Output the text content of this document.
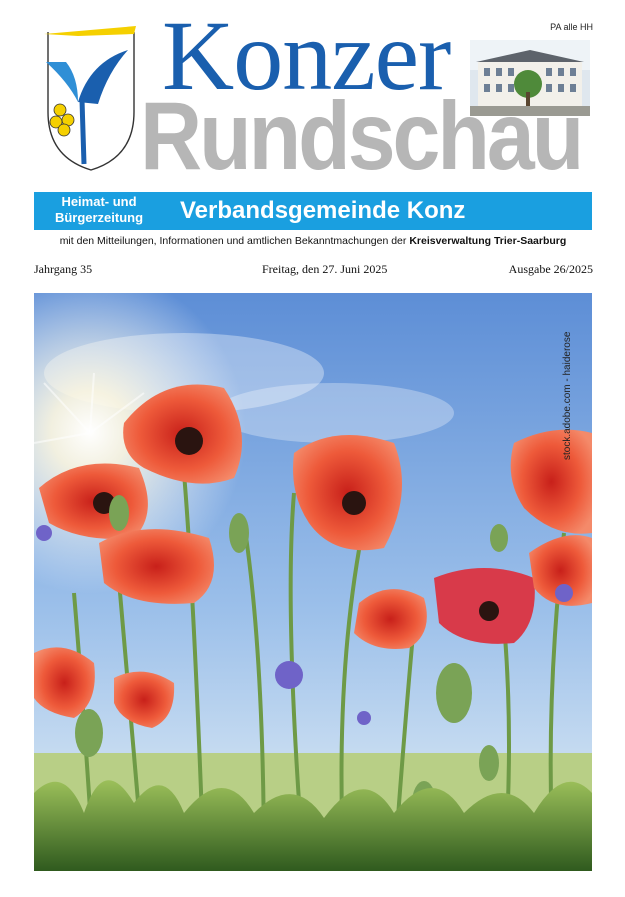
Rundschau
Konzer	PA alle HH
Heimat- und
Bürgerzeitung	Verbandsgemeinde Konz
mit den Mitteilungen, Informationen und amtlichen Bekanntmachungen der Kreisverwaltung Trier-Saarburg
Jahrgang 35	Freitag, den 27. Juni 2025	Ausgabe 26/2025
stock.adobe.com - haiderose
